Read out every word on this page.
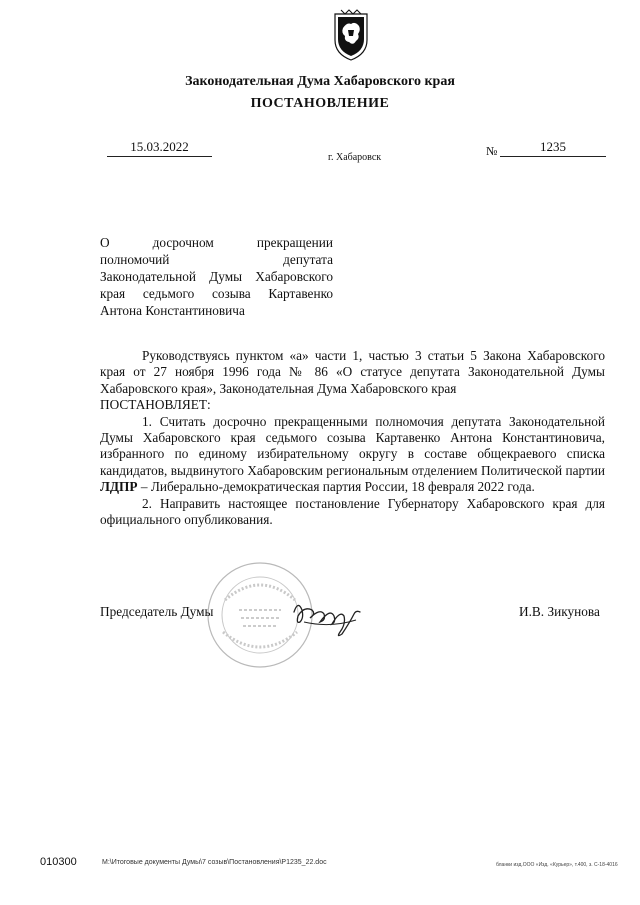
Законодательная Дума Хабаровского края
ПОСТАНОВЛЕНИЕ
15.03.2022
г. Хабаровск	№	1235
О досрочном прекращении
полномочий депутата
Законодательной Думы Хабаровского
края седьмого созыва Картавенко
Антона Константиновича

Руководствуясь пунктом «а» части 1, частью 3 статьи 5 Закона Хабаровского края от 27 ноября 1996 года № 86 «О статусе депутата Законодательной Думы Хабаровского края», Законодательная Дума Хабаровского края

ПОСТАНОВЛЯЕТ:

1. Считать досрочно прекращенными полномочия депутата Законодательной Думы Хабаровского края седьмого созыва Картавенко Антона Константиновича, избранного по единому избирательному округу в составе общекраевого списка кандидатов, выдвинутого Хабаровским региональным отделением Политической партии ЛДПР – Либерально-демократическая партия России, 18 февраля 2022 года.

2. Направить настоящее постановление Губернатору Хабаровского края для официального опубликования.

Председатель Думы	И.В. Зикунова
010300	M:\Итоговые документы Думы\7 созыв\Постановления\P1235_22.doc	бланки изд.ООО «Изд. «Курьер», т.400, з. С-18-4016
